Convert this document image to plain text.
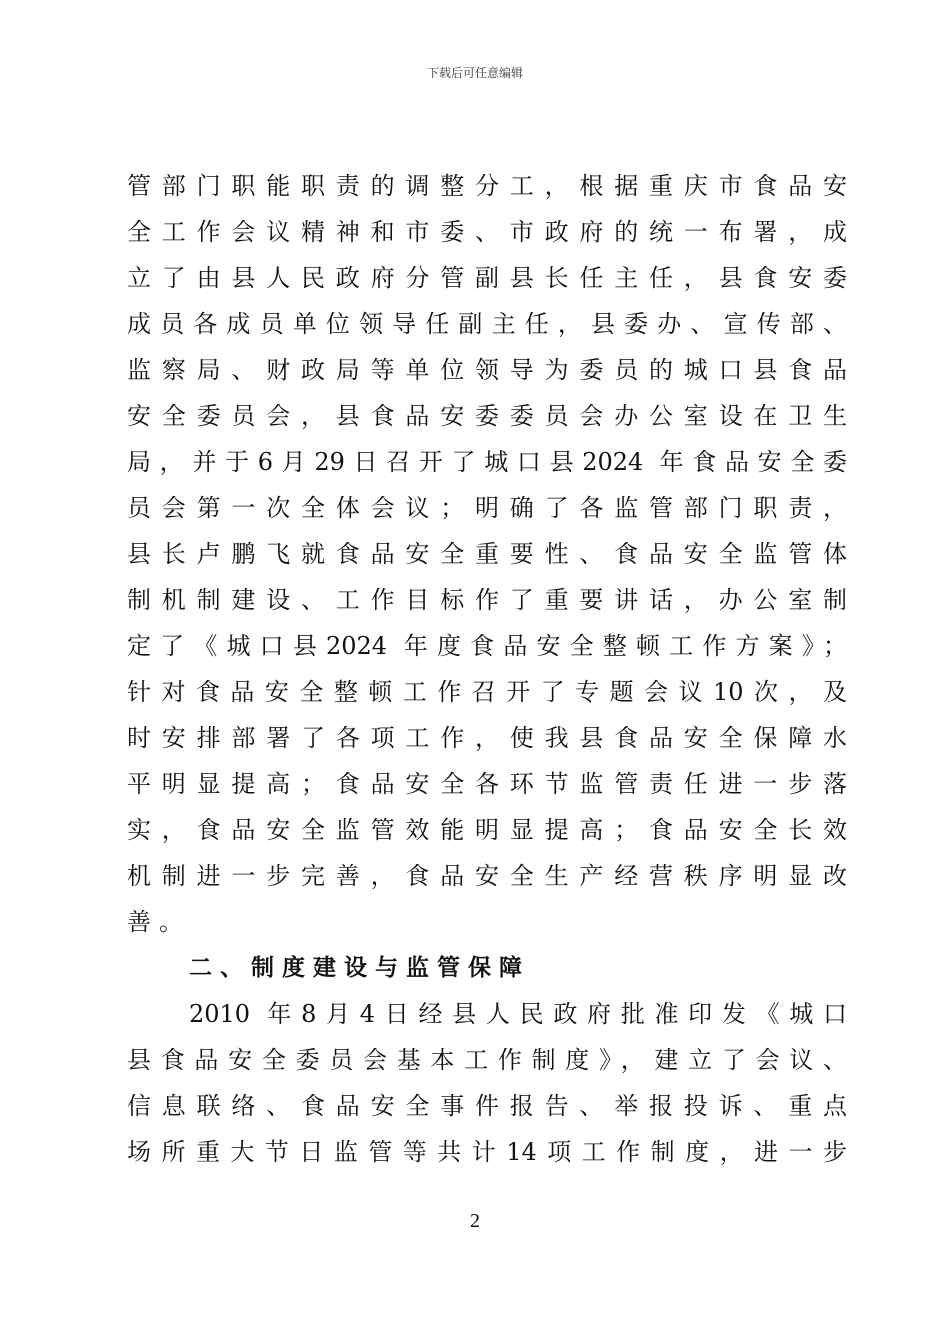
下载后可任意编辑
管部门职能职责的调整分工，根据重庆市食品安
全工作会议精神和市委、市政府的统一布署，成
立了由县人民政府分管副县长任主任，县食安委
成员各成员单位领导任副主任，县委办、宣传部、
监察局、财政局等单位领导为委员的城口县食品
安全委员会，县食品安委委员会办公室设在卫生
局，并于6月29日召开了城口县2024 年食品安全委
员会第一次全体会议；明确了各监管部门职责，
县长卢鹏飞就食品安全重要性、食品安全监管体
制机制建设、工作目标作了重要讲话，办公室制
定了《城口县2024 年度食品安全整顿工作方案》；
针对食品安全整顿工作召开了专题会议10次，及
时安排部署了各项工作，使我县食品安全保障水
平明显提高；食品安全各环节监管责任进一步落
实，食品安全监管效能明显提高；食品安全长效
机制进一步完善，食品安全生产经营秩序明显改
善。
二、制度建设与监管保障
2010 年8月4日经县人民政府批准印发《城口
县食品安全委员会基本工作制度》，建立了会议、
信息联络、食品安全事件报告、举报投诉、重点
场所重大节日监管等共计14项工作制度，进一步
2
